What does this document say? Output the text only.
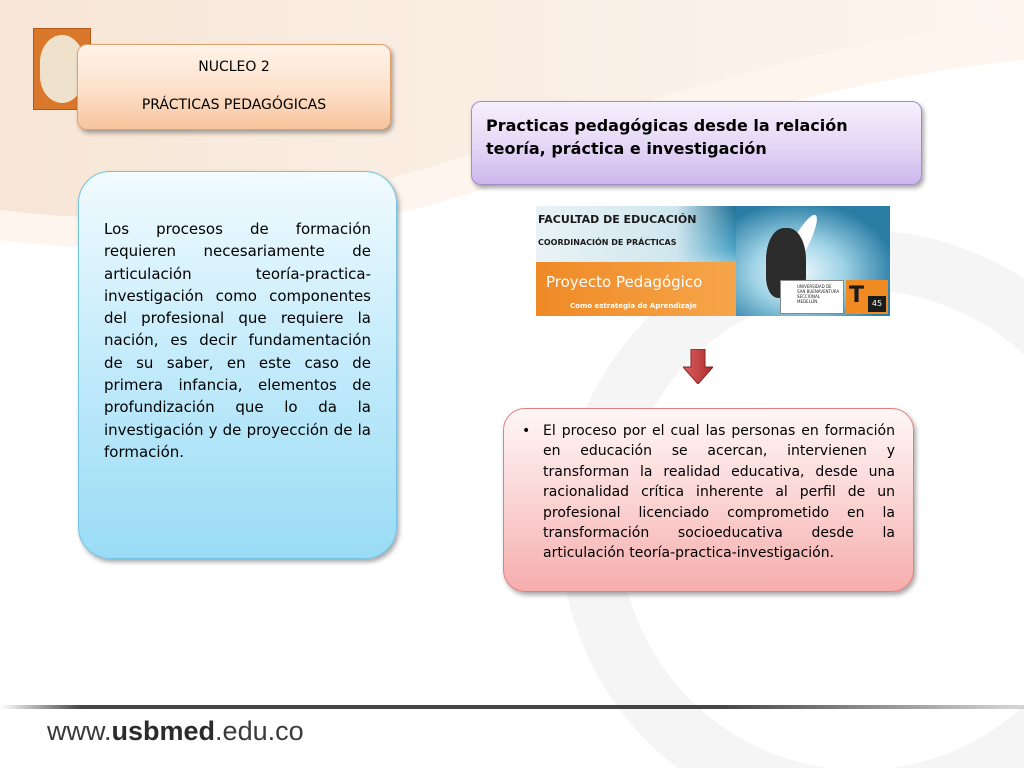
NUCLEO 2
PRÁCTICAS PEDAGÓGICAS
Practicas pedagógicas desde la relación teoría, práctica e investigación
Los procesos de formación requieren necesariamente de articulación teoría-practica-investigación como componentes del profesional que requiere la nación, es decir fundamentación de su saber, en este caso de primera infancia, elementos de profundización que lo da la investigación y de proyección de la formación.
FACULTAD DE EDUCACIÓN
COORDINACIÓN DE PRÁCTICAS
Proyecto Pedagógico
Como estrategia de Aprendizaje
UNIVERSIDAD DE SAN BUENAVENTURA SECCIONAL MEDELLÍN	T 45
• El proceso por el cual las personas en formación en educación se acercan, intervienen y transforman la realidad educativa, desde una racionalidad crítica inherente al perfil de un profesional licenciado comprometido en la transformación socioeducativa desde la articulación teoría-practica-investigación.
www.usbmed.edu.co
